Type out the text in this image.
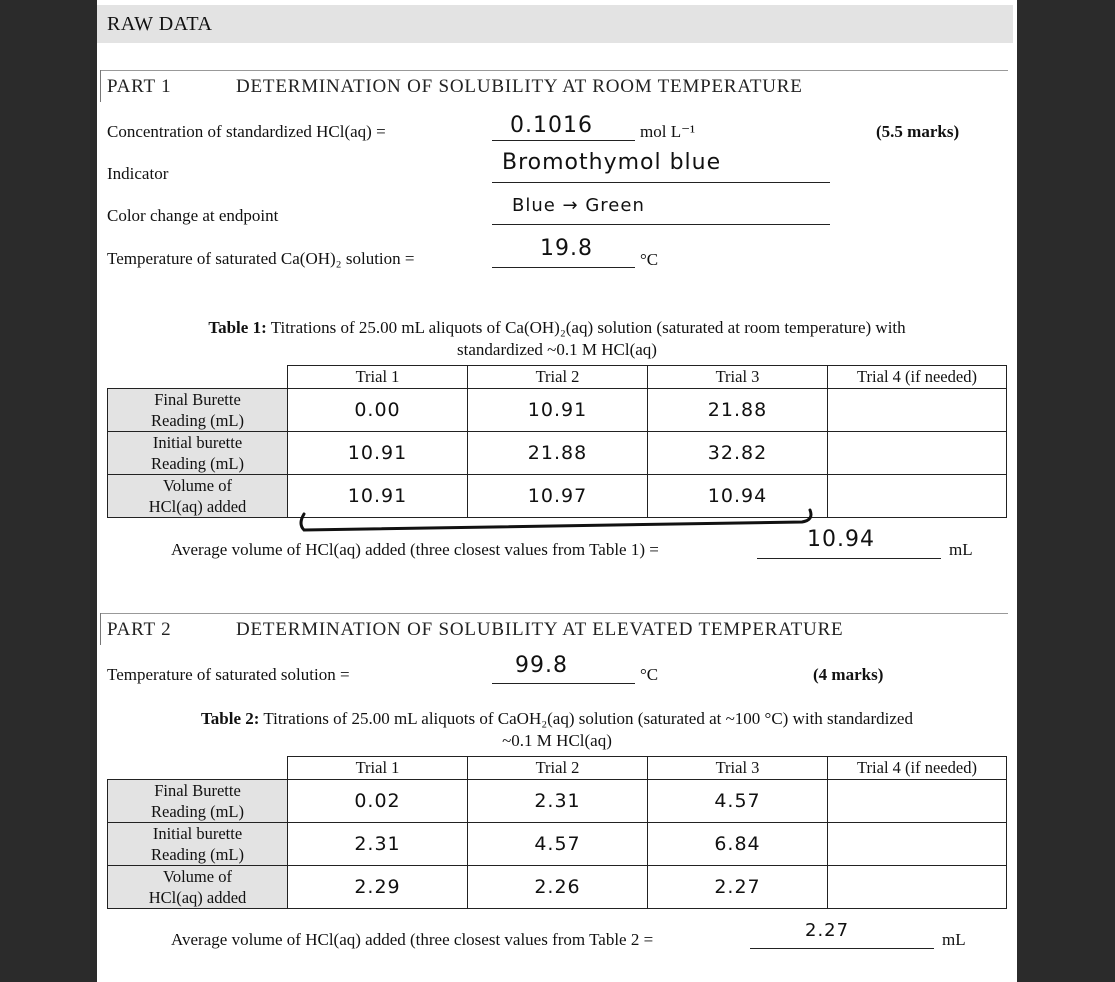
RAW DATA
PART 1	DETERMINATION OF SOLUBILITY AT ROOM TEMPERATURE
Concentration of standardized HCl(aq) =	0.1016	mol L⁻¹	(5.5 marks)
Indicator	Bromothymol blue
Color change at endpoint	Blue → Green
Temperature of saturated Ca(OH)₂ solution =	19.8	°C
Table 1: Titrations of 25.00 mL aliquots of Ca(OH)₂(aq) solution (saturated at room temperature) with
standardized ~0.1 M HCl(aq)
	Trial 1	Trial 2	Trial 3	Trial 4 (if needed)

Final Burette
Reading (mL)	0.00	10.91	21.88	

Initial burette
Reading (mL)	10.91	21.88	32.82	

Volume of
HCl(aq) added	10.91	10.97	10.94	
Average volume of HCl(aq) added (three closest values from Table 1) =	10.94	mL
PART 2	DETERMINATION OF SOLUBILITY AT ELEVATED TEMPERATURE
Temperature of saturated solution =	99.8	°C	(4 marks)
Table 2: Titrations of 25.00 mL aliquots of CaOH₂(aq) solution (saturated at ~100 °C) with standardized
~0.1 M HCl(aq)
	Trial 1	Trial 2	Trial 3	Trial 4 (if needed)

Final Burette
Reading (mL)	0.02	2.31	4.57	

Initial burette
Reading (mL)	2.31	4.57	6.84	

Volume of
HCl(aq) added	2.29	2.26	2.27	
Average volume of HCl(aq) added (three closest values from Table 2 =	2.27	mL
